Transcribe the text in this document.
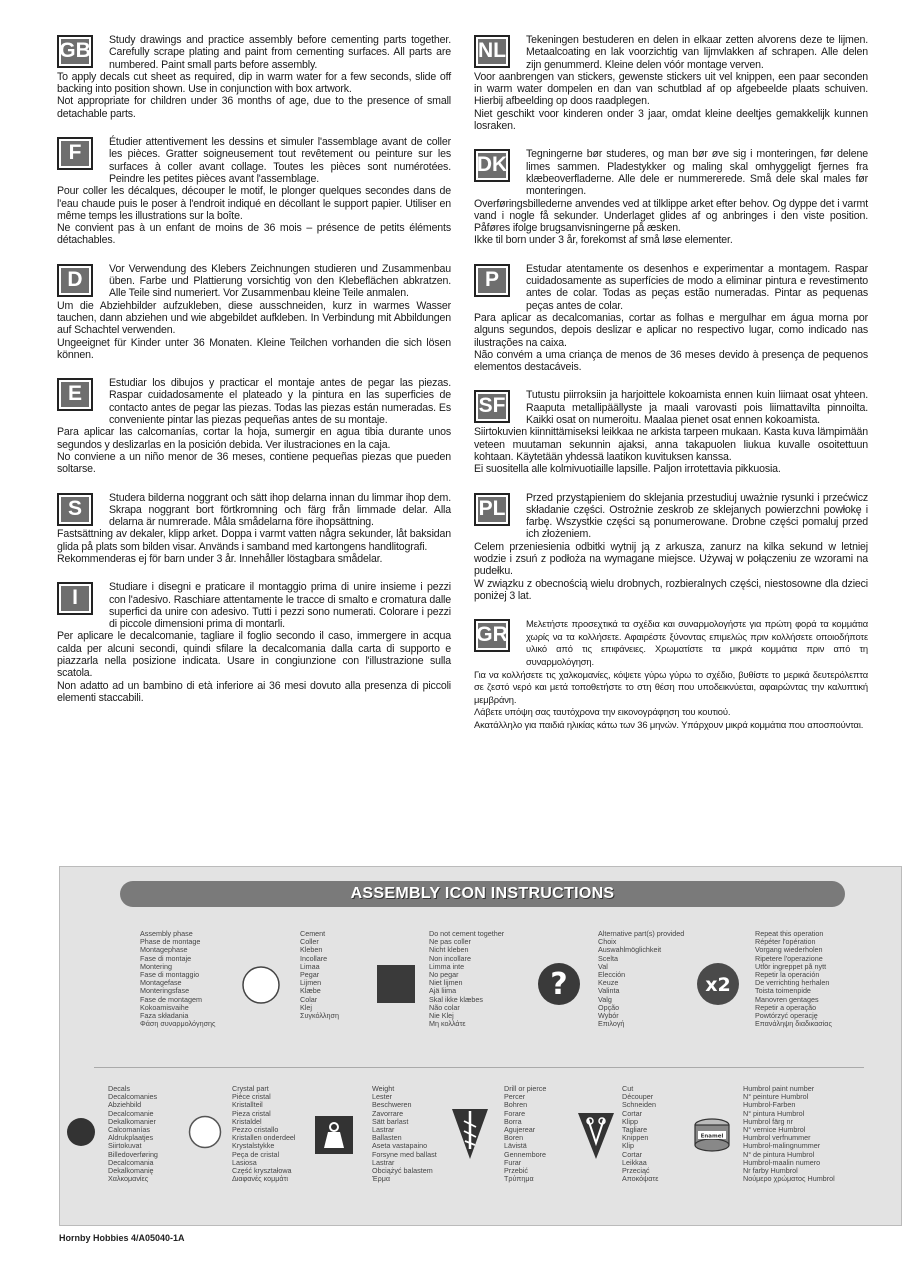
GB	Study drawings and practice assembly before cementing parts together. Carefully scrape plating and paint from cementing surfaces. All parts are numbered. Paint small parts before assembly.

To apply decals cut sheet as required, dip in warm water for a few seconds, slide off backing into position shown. Use in conjunction with box artwork.

Not appropriate for children under 36 months of age, due to the presence of small detachable parts.

F	Étudier attentivement les dessins et simuler l'assemblage avant de coller les pièces. Gratter soigneusement tout revêtement ou peinture sur les surfaces à coller avant collage. Toutes les pièces sont numérotées. Peindre les petites pièces avant l'assemblage.

Pour coller les décalques, découper le motif, le plonger quelques secondes dans de l'eau chaude puis le poser à l'endroit indiqué en décollant le support papier. Utiliser en même temps les illustrations sur la boîte.

Ne convient pas à un enfant de moins de 36 mois – présence de petits éléments détachables.

D	Vor Verwendung des Klebers Zeichnungen studieren und Zusammenbau üben. Farbe und Plattierung vorsichtig von den Klebeflächen abkratzen. Alle Teile sind numeriert. Vor Zusammenbau kleine Teile anmalen.

Um die Abziehbilder aufzukleben, diese ausschneiden, kurz in warmes Wasser tauchen, dann abziehen und wie abgebildet aufkleben. In Verbindung mit Abbildungen auf Schachtel verwenden.

Ungeeignet für Kinder unter 36 Monaten. Kleine Teilchen vorhanden die sich lösen können.

E	Estudiar los dibujos y practicar el montaje antes de pegar las piezas. Raspar cuidadosamente el plateado y la pintura en las superficies de contacto antes de pegar las piezas. Todas las piezas están numeradas. Es conveniente pintar las piezas pequeñas antes de su montaje.

Para aplicar las calcomanías, cortar la hoja, sumergir en agua tibia durante unos segundos y deslizarlas en la posición debida. Ver ilustraciones en la caja.

No conviene a un niño menor de 36 meses, contiene pequeñas piezas que pueden soltarse.

S	Studera bilderna noggrant och sätt ihop delarna innan du limmar ihop dem. Skrapa noggrant bort förtkromning och färg från limmade delar. Alla delarna är numrerade. Måla smådelarna före ihopsättning.

Fastsättning av dekaler, klipp arket. Doppa i varmt vatten några sekunder, låt baksidan glida på plats som bilden visar. Används i samband med kartongens handlitografi.

Rekommenderas ej för barn under 3 år. Innehåller löstagbara smådelar.

I	Studiare i disegni e praticare il montaggio prima di unire insieme i pezzi con l'adesivo. Raschiare attentamente le tracce di smalto e cromatura dalle superfici da unire con adesivo. Tutti i pezzi sono numerati. Colorare i pezzi di piccole dimensioni prima di montarli.

Per aplicare le decalcomanie, tagliare il foglio secondo il caso, immergere in acqua calda per alcuni secondi, quindi sfilare la decalcomania dalla carta di supporto e piazzarla nella posizione indicata. Usare in congiunzione con l'illustrazione sulla scatola.

Non adatto ad un bambino di età inferiore ai 36 mesi dovuto alla presenza di piccoli elementi staccabili.

NL	Tekeningen bestuderen en delen in elkaar zetten alvorens deze te lijmen. Metaalcoating en lak voorzichtig van lijmvlakken af schrapen. Alle delen zijn genummerd. Kleine delen vóór montage verven.

Voor aanbrengen van stickers, gewenste stickers uit vel knippen, een paar seconden in warm water dompelen en dan van schutblad af op afgebeelde plaats schuiven. Hierbij afbeelding op doos raadplegen.

Niet geschikt voor kinderen onder 3 jaar, omdat kleine deeltjes gemakkelijk kunnen losraken.

DK	Tegningerne bør studeres, og man bør øve sig i monteringen, før delene limes sammen. Pladestykker og maling skal omhyggeligt fjernes fra klæbeoverfladerne. Alle dele er nummererede. Små dele skal males før monteringen.

Overføringsbillederne anvendes ved at tilklippe arket efter behov. Og dyppe det i varmt vand i nogle få sekunder. Underlaget glides af og anbringes i den viste position. Påføres ifolge brugsanvisningerne på æsken.

Ikke til born under 3 år, forekomst af små løse elementer.

P	Estudar atentamente os desenhos e experimentar a montagem. Raspar cuidadosamente as superfícies de modo a eliminar pintura e revestimento antes de colar. Todas as peças estão numeradas. Pintar as pequenas peças antes de colar.

Para aplicar as decalcomanias, cortar as folhas e mergulhar em água morna por alguns segundos, depois deslizar e aplicar no respectivo lugar, como indicado nas ilustrações na caixa.

Não convém a uma criança de menos de 36 meses devido à presença de pequenos elementos destacáveis.

SF	Tutustu piirroksiin ja harjoittele kokoamista ennen kuin liimaat osat yhteen. Raaputa metallipäällyste ja maali varovasti pois liimattavilta pinnoilta. Kaikki osat on numeroitu. Maalaa pienet osat ennen kokoamista.

Siirtokuvien kiinnittämiseksi leikkaa ne arkista tarpeen mukaan. Kasta kuva lämpimään veteen muutaman sekunnin ajaksi, anna takapuolen liukua kuvalle osoitettuun kohtaan. Käytetään yhdessä laatikon kuvituksen kanssa.

Ei suositella alle kolmivuotiaille lapsille. Paljon irrotettavia pikkuosia.

PL	Przed przystąpieniem do sklejania przestudiuj uważnie rysunki i przećwicz składanie części. Ostrożnie zeskrob ze sklejanych powierzchni powłokę i farbę. Wszystkie części są ponumerowane. Drobne części pomaluj przed ich złożeniem.

Celem przeniesienia odbitki wytnij ją z arkusza, zanurz na kilka sekund w letniej wodzie i zsuń z podłoża na wymagane miejsce. Używaj w połączeniu ze wzorami na pudełku.

W związku z obecnością wielu drobnych, rozbieralnych części, niestosowne dla dzieci poniżej 3 lat.

GR	Μελετήστε προσεχτικά τα σχέδια και συναρμολογήστε για πρώτη φορά τα κομμάτια χωρίς να τα κολλήσετε. Αφαιρέστε ξύνοντας επιμελώς πριν κολλήσετε οποιοδήποτε υλικό από τις επιφάνειες. Χρωματίστε τα μικρά κομμάτια πριν από τη συναρμολόγηση.

Για να κολλήσετε τις χαλκομανίες, κόψετε γύρω γύρω το σχέδιο, βυθίστε το μερικά δευτερόλεπτα σε ζεστό νερό και μετά τοποθετήστε το στη θέση που υποδεικνύεται, αφαιρώντας την καλυπτική μεμβράνη.

Λάβετε υπόψη σας ταυτόχρονα την εικονογράφηση του κουτιού.

Ακατάλληλο για παιδιά ηλικίας κάτω των 36 μηνών. Υπάρχουν μικρά κομμάτια που αποσπούνται.

ASSEMBLY ICON INSTRUCTIONS
Assembly phase
Phase de montage
Montagephase
Fase di montaje
Montering
Fase di montaggio
Montagefase
Monteringsfase
Fase de montagem
Kokoamisvaihe
Faza składania
Φάση συναρμολόγησης
Cement
Coller
Kleben
Incollare
Limaa
Pegar
Lijmen
Klæbe
Colar
Klej
Συγκόλληση
Do not cement together
Ne pas coller
Nicht kleben
Non incollare
Limma inte
No pegar
Niet lijmen
Ajä liima
Skal ikke klæbes
Não colar
Nie Klej
Μη κολλάτε
?
Alternative part(s) provided
Choix
Auswahlmöglichkeit
Scelta
Val
Elección
Keuze
Valinta
Valg
Opção
Wybór
Επιλογή
x2
Repeat this operation
Répéter l'opération
Vorgang wiederholen
Ripetere l'operazione
Utför ingreppet på nytt
Repetir la operación
De verrichting herhalen
Toista toimenpide
Manovren gentages
Repetir a operação
Powtórzyć operację
Επανάληψη διαδικασίας
Decals
Decalcomanies
Abziehbild
Decalcomanie
Dekalkomanier
Calcomanías
Aldrukplaatjes
Siirtokuvat
Billedoverføring
Decalcomania
Dekalkomanię
Χαλκομανίες
Crystal part
Pièce cristal
Kristallteil
Pieza cristal
Kristaldel
Pezzo cristallo
Kristallen onderdeel
Krystalstykke
Peça de cristal
Lasiosa
Część kryształowa
Διαφανές κομμάτι
Weight
Lester
Beschweren
Zavorrare
Sätt barlast
Lastrar
Ballasten
Aseta vastapaino
Forsyne med ballast
Lastrar
Obciążyć balastem
Έρμα
Drill or pierce
Percer
Bohren
Forare
Borra
Agujerear
Boren
Lävistä
Gennembore
Furar
Przebić
Τρύπημα
Cut
Découper
Schneiden
Cortar
Klipp
Tagliare
Knippen
Klip
Cortar
Leikkaa
Przeciąć
Αποκόψατε
Enamel
Humbrol paint number
N° peinture Humbrol
Humbrol-Farben
N° pintura Humbrol
Humbrol färg nr
N° vernice Humbrol
Humbrol verfnummer
Humbrol-malingnummer
N° de pintura Humbrol
Humbrol-maalin numero
Nr farby Humbrol
Νούμερο χρώματος Humbrol
Hornby Hobbies 4/A05040-1A
